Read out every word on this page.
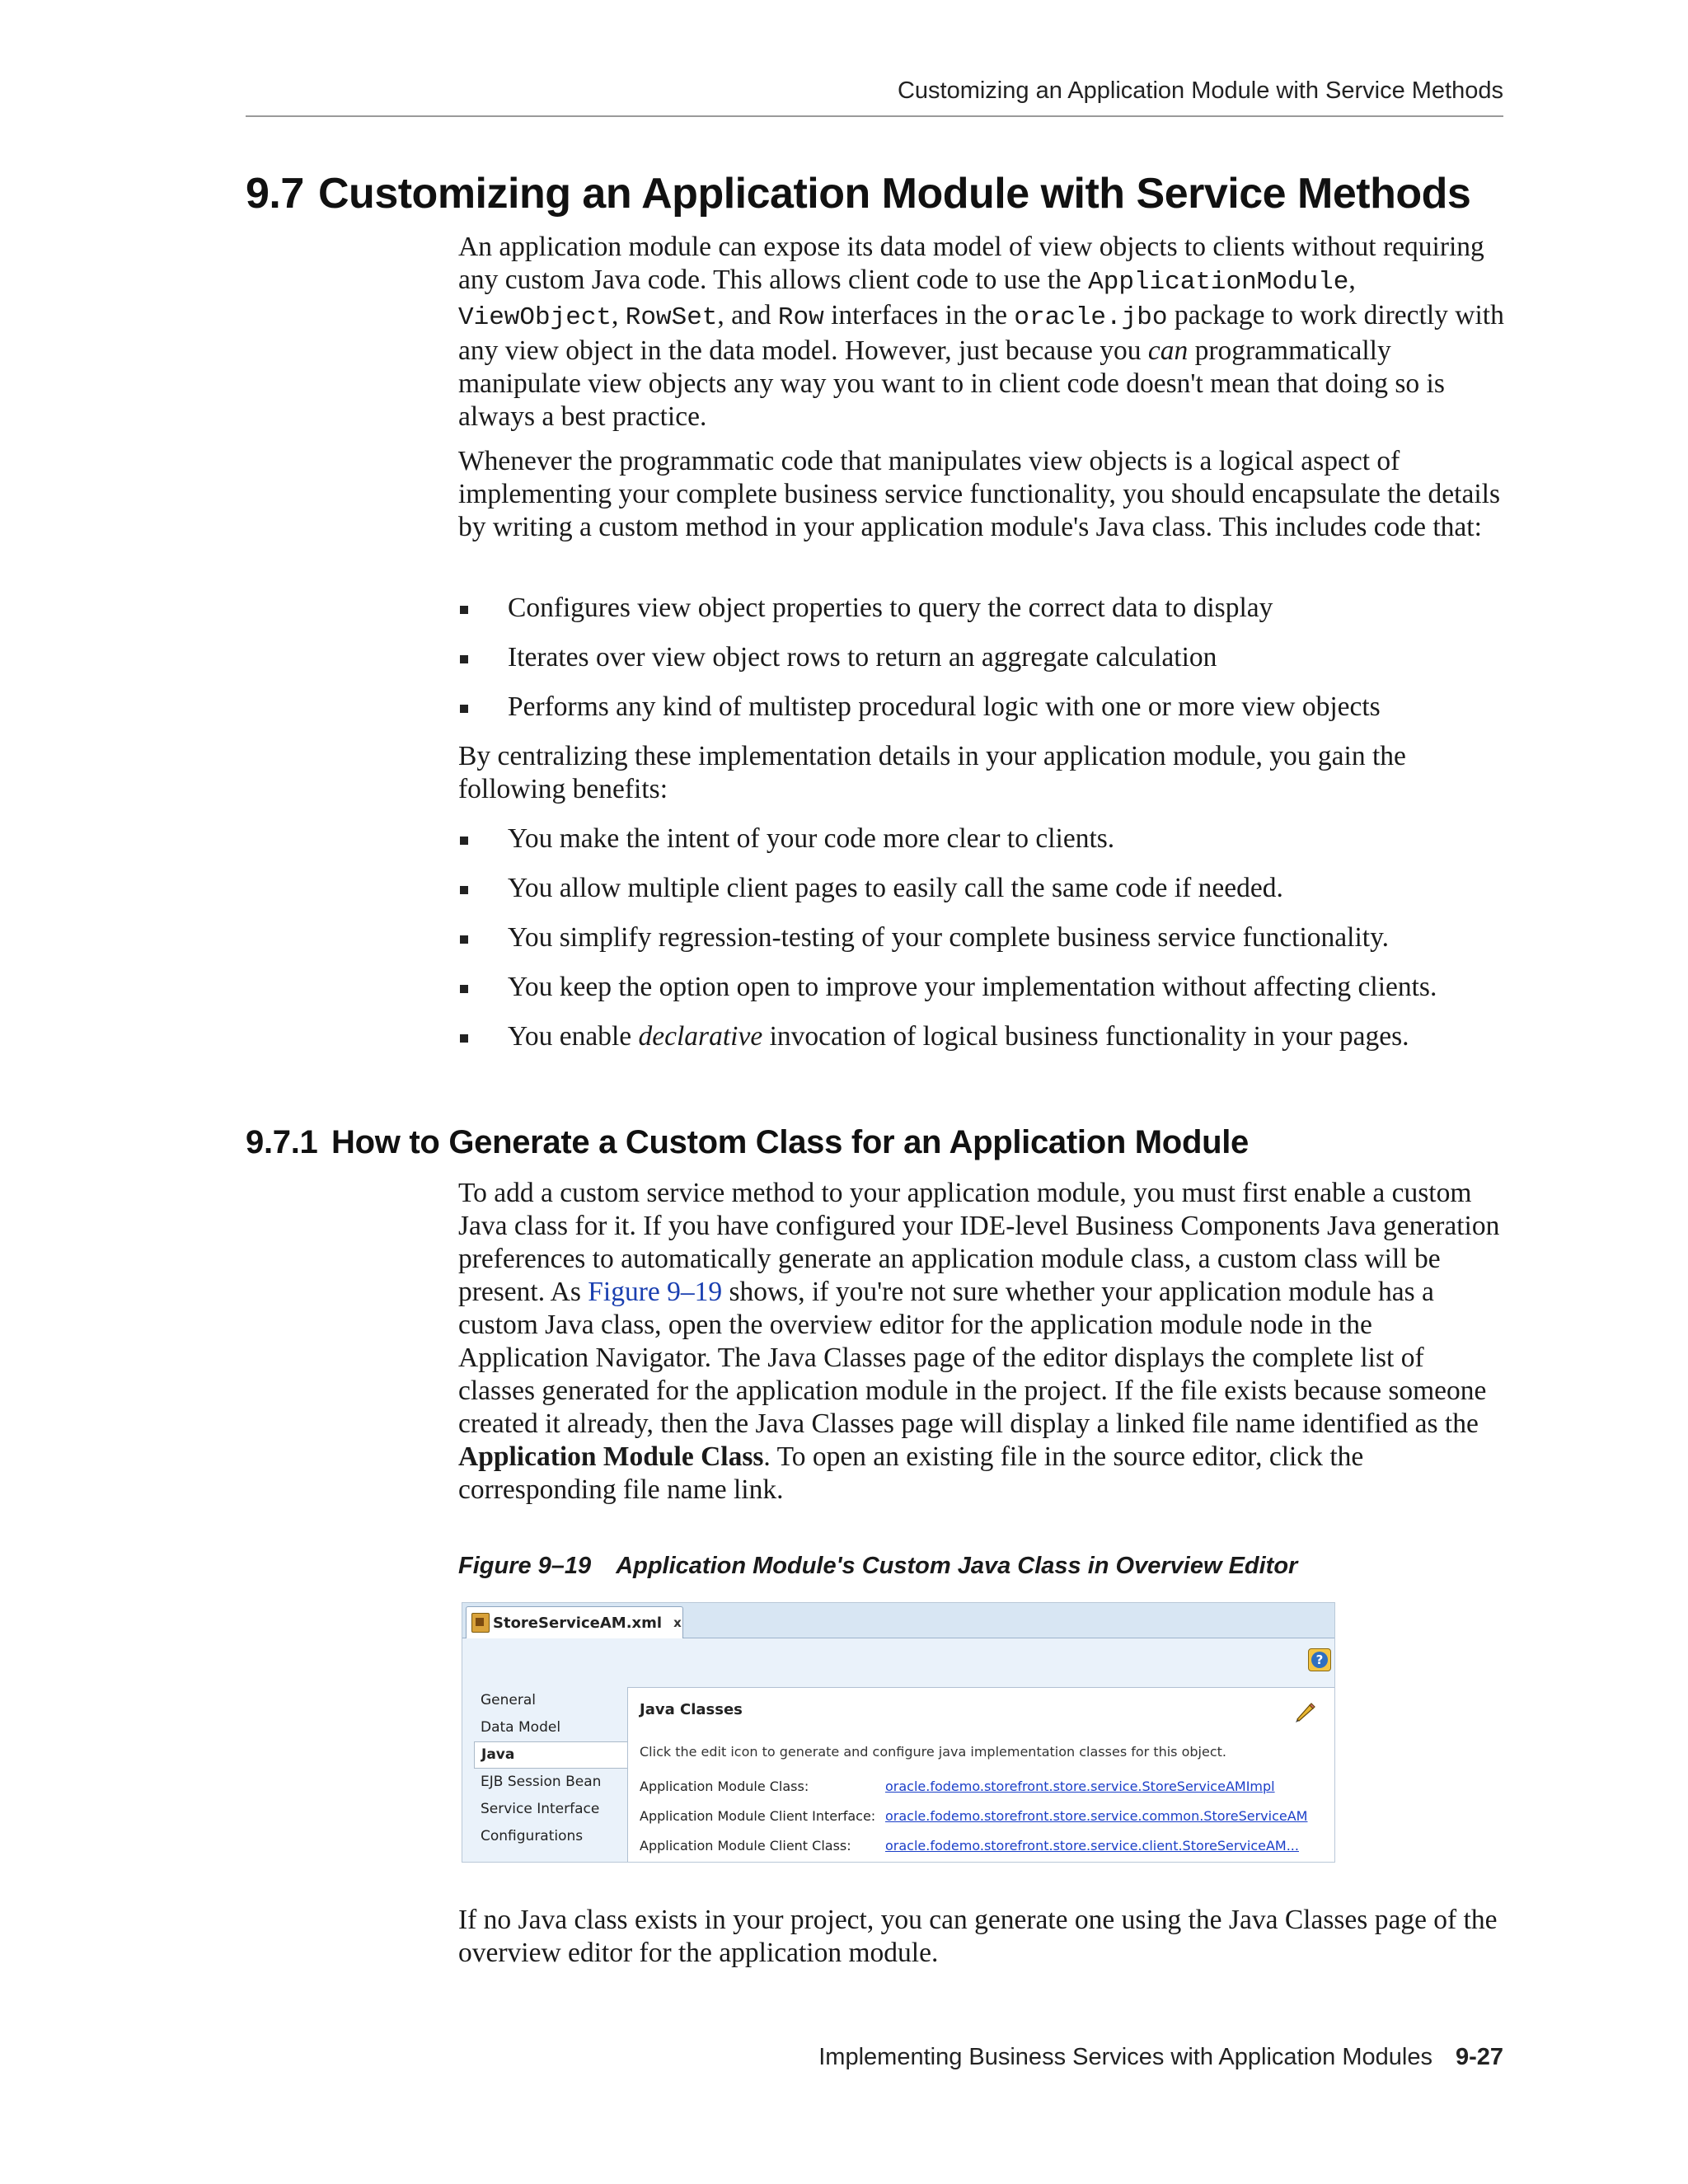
Customizing an Application Module with Service Methods
9.7 Customizing an Application Module with Service Methods

An application module can expose its data model of view objects to clients without requiring any custom Java code. This allows client code to use the ApplicationModule, ViewObject, RowSet, and Row interfaces in the oracle.jbo package to work directly with any view object in the data model. However, just because you can programmatically manipulate view objects any way you want to in client code doesn't mean that doing so is always a best practice.

Whenever the programmatic code that manipulates view objects is a logical aspect of implementing your complete business service functionality, you should encapsulate the details by writing a custom method in your application module's Java class. This includes code that:

Configures view object properties to query the correct data to display
Iterates over view object rows to return an aggregate calculation
Performs any kind of multistep procedural logic with one or more view objects

By centralizing these implementation details in your application module, you gain the following benefits:

You make the intent of your code more clear to clients.
You allow multiple client pages to easily call the same code if needed.
You simplify regression-testing of your complete business service functionality.
You keep the option open to improve your implementation without affecting clients.
You enable declarative invocation of logical business functionality in your pages.
9.7.1 How to Generate a Custom Class for an Application Module

To add a custom service method to your application module, you must first enable a custom Java class for it. If you have configured your IDE-level Business Components Java generation preferences to automatically generate an application module class, a custom class will be present. As Figure 9–19 shows, if you're not sure whether your application module has a custom Java class, open the overview editor for the application module node in the Application Navigator. The Java Classes page of the editor displays the complete list of classes generated for the application module in the project. If the file exists because someone created it already, then the Java Classes page will display a linked file name identified as the Application Module Class. To open an existing file in the source editor, click the corresponding file name link.

Figure 9–19 Application Module's Custom Java Class in Overview Editor

StoreServiceAM.xml x
?
General
Data Model
Java
EJB Session Bean
Service Interface
Configurations
Java Classes
Click the edit icon to generate and configure java implementation classes for this object.
Application Module Class:	oracle.fodemo.storefront.store.service.StoreServiceAMImpl
Application Module Client Interface: oracle.fodemo.storefront.store.service.common.StoreServiceAM
Application Module Client Class:	oracle.fodemo.storefront.store.service.client.StoreServiceAM...

If no Java class exists in your project, you can generate one using the Java Classes page of the overview editor for the application module.

Implementing Business Services with Application Modules 9-27
